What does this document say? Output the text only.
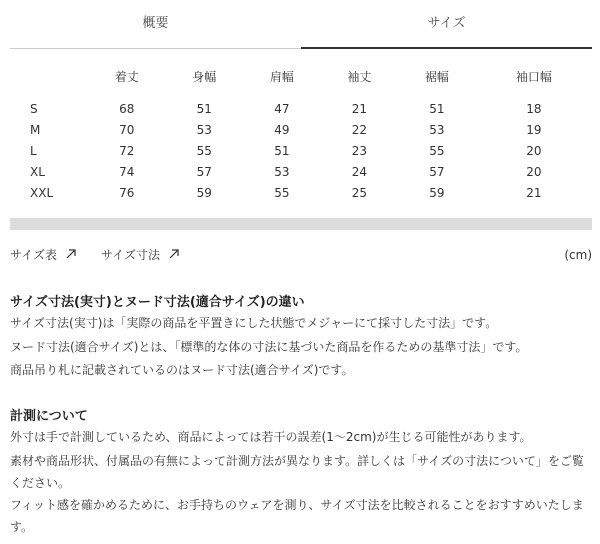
概要	サイズ
	着丈	身幅	肩幅	袖丈	裾幅	袖口幅

S	68	51	47	21	51	18
M	70	53	49	22	53	19
L	72	55	51	23	55	20
XL	74	57	53	24	57	20
XXL	76	59	55	25	59	21
サイズ表	サイズ寸法	(cm)
サイズ寸法(実寸)とヌード寸法(適合サイズ)の違い
サイズ寸法(実寸)は「実際の商品を平置きにした状態でメジャーにて採寸した寸法」です。
ヌード寸法(適合サイズ)とは、「標準的な体の寸法に基づいた商品を作るための基準寸法」です。
商品吊り札に記載されているのはヌード寸法(適合サイズ)です。
計測について
外寸は手で計測しているため、商品によっては若干の誤差(1〜2cm)が生じる可能性があります。
素材や商品形状、付属品の有無によって計測方法が異なります。詳しくは「サイズの寸法について」をご覧ください。
フィット感を確かめるために、お手持ちのウェアを測り、サイズ寸法を比較されることをおすすめいたします。
